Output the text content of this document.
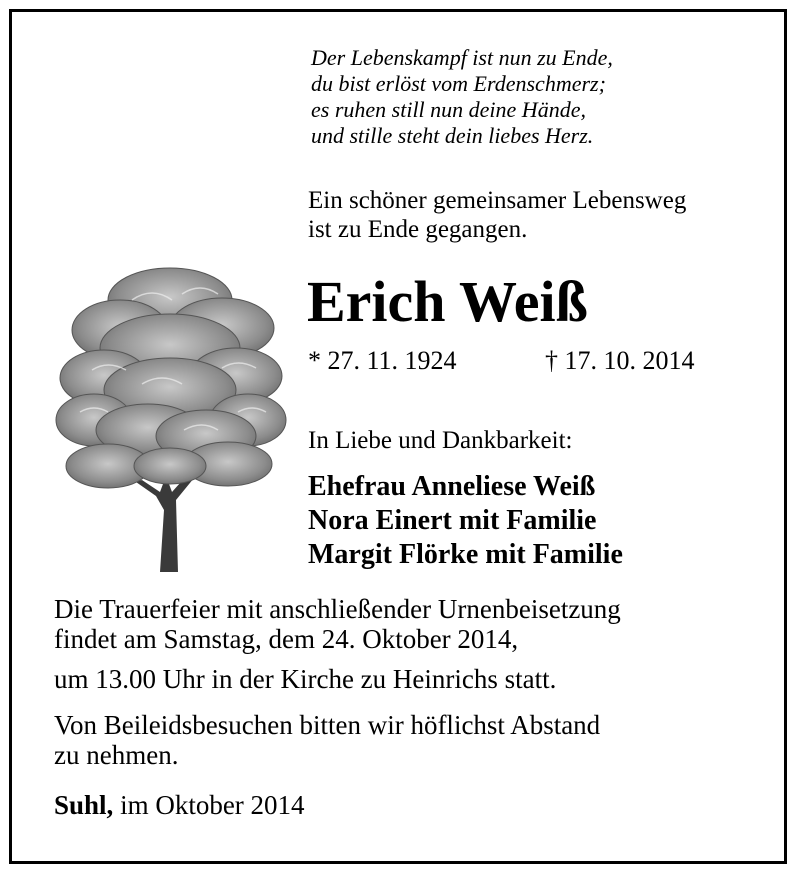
Der Lebenskampf ist nun zu Ende,
du bist erlöst vom Erdenschmerz;
es ruhen still nun deine Hände,
und stille steht dein liebes Herz.
Ein schöner gemeinsamer Lebensweg
ist zu Ende gegangen.
Erich Weiß
* 27. 11. 1924	† 17. 10. 2014
In Liebe und Dankbarkeit:
Ehefrau Anneliese Weiß
Nora Einert mit Familie
Margit Flörke mit Familie
Die Trauerfeier mit anschließender Urnenbeisetzung
findet am Samstag, dem 24. Oktober 2014,
um 13.00 Uhr in der Kirche zu Heinrichs statt.
Von Beileidsbesuchen bitten wir höflichst Abstand
zu nehmen.
Suhl, im Oktober 2014
